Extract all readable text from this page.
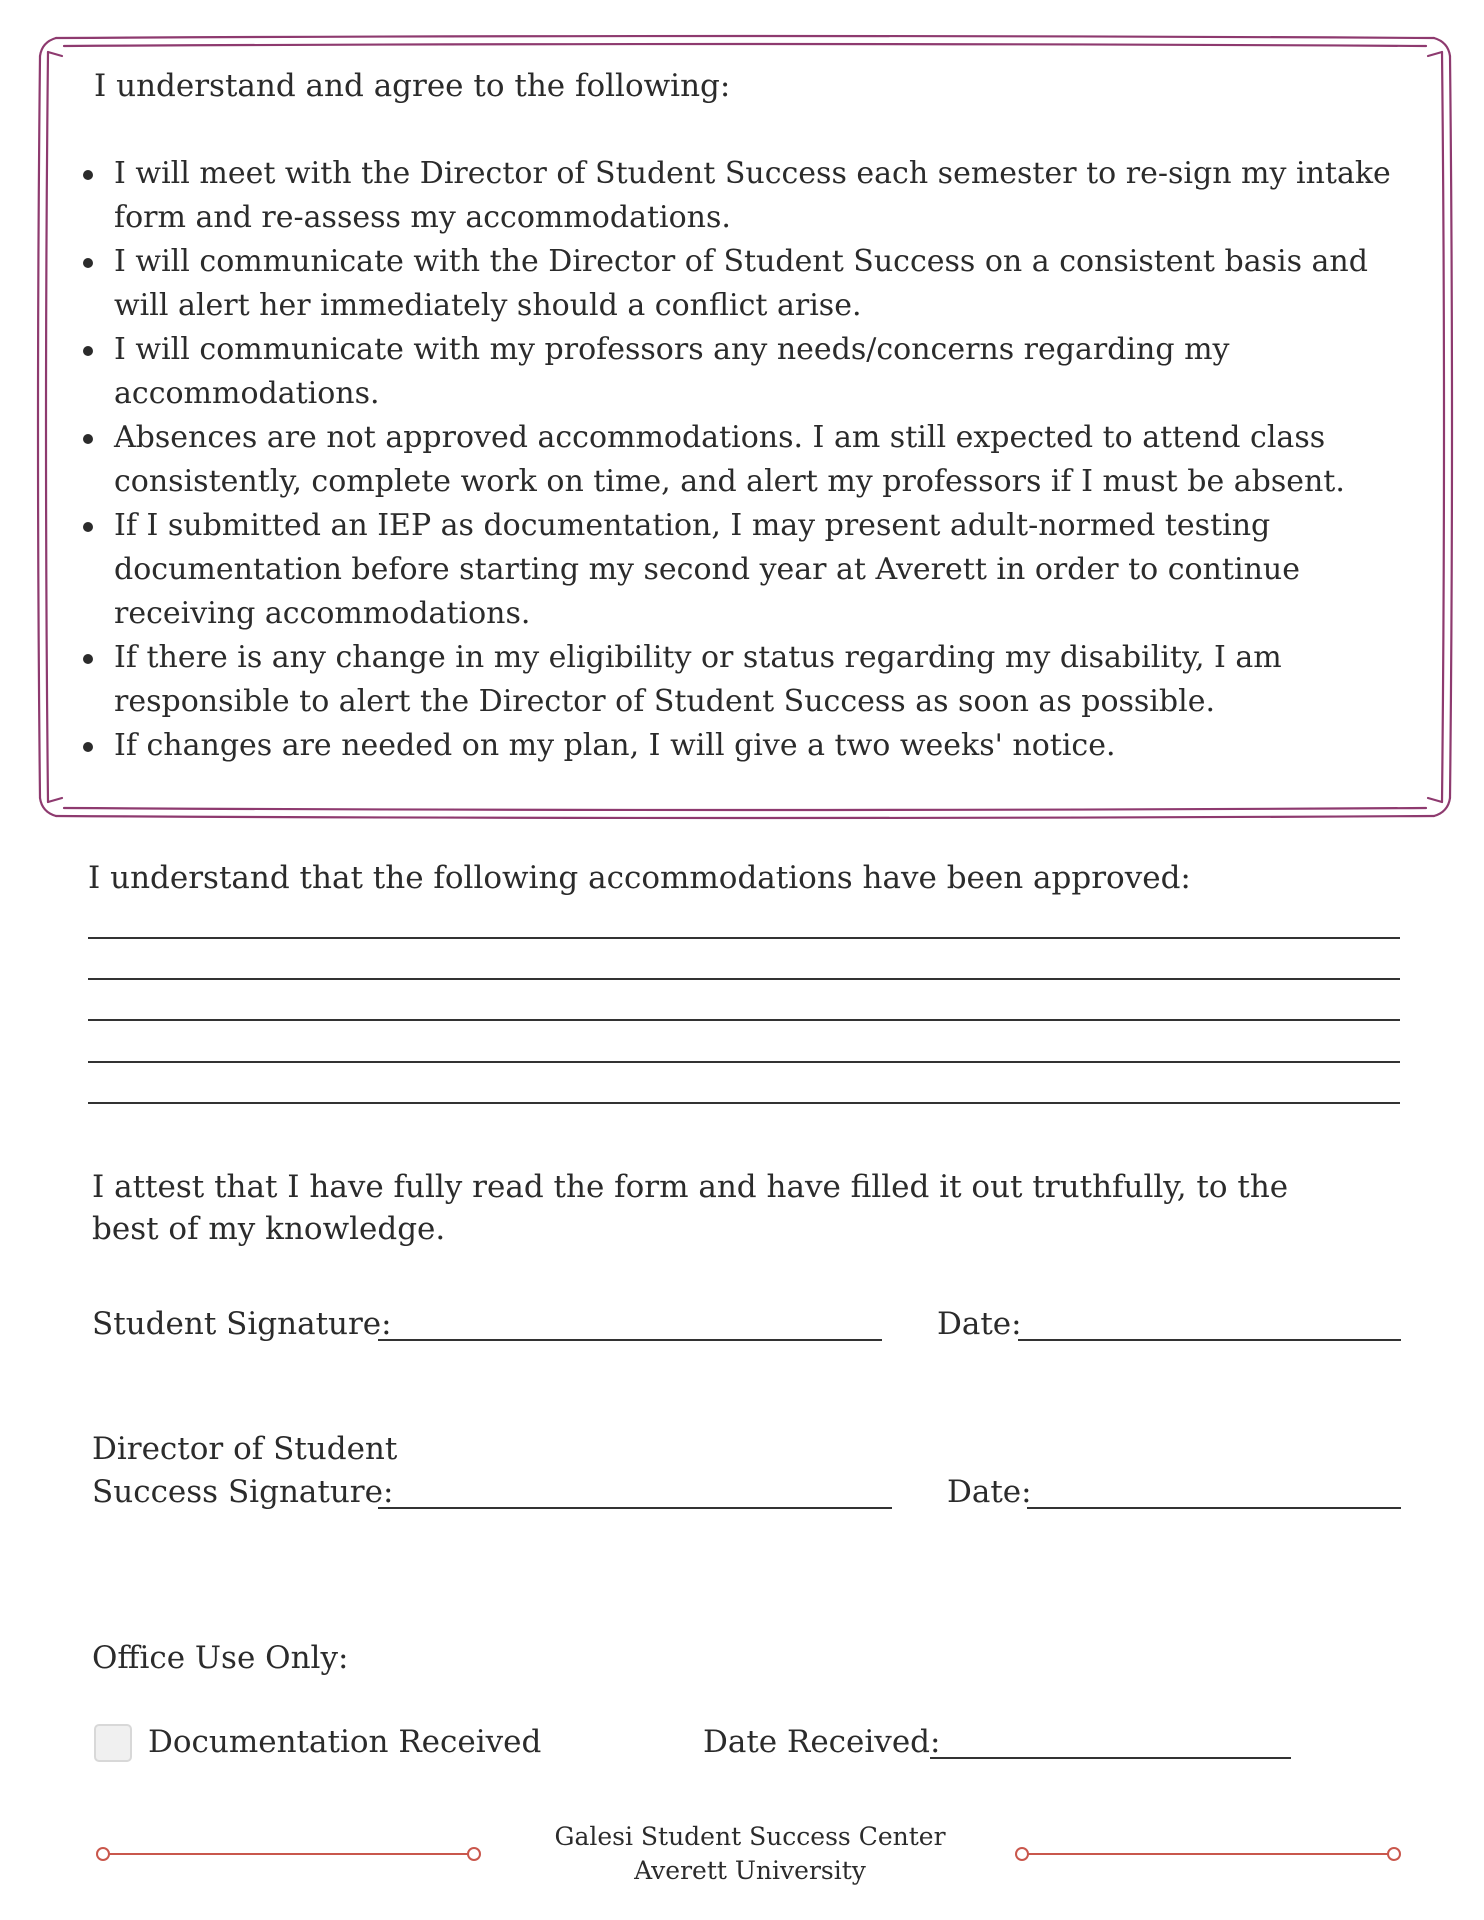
I understand and agree to the following:
I will meet with the Director of Student Success each semester to re-sign my intake form and re-assess my accommodations.
I will communicate with the Director of Student Success on a consistent basis and will alert her immediately should a conflict arise.
I will communicate with my professors any needs/concerns regarding my accommodations.
Absences are not approved accommodations. I am still expected to attend class consistently, complete work on time, and alert my professors if I must be absent.
If I submitted an IEP as documentation, I may present adult-normed testing documentation before starting my second year at Averett in order to continue receiving accommodations.
If there is any change in my eligibility or status regarding my disability, I am responsible to alert the Director of Student Success as soon as possible.
If changes are needed on my plan, I will give a two weeks' notice.
I understand that the following accommodations have been approved:
I attest that I have fully read the form and have filled it out truthfully, to the best of my knowledge.
Student Signature:	Date:
Director of Student
Success Signature:	Date:
Office Use Only:
Documentation Received	Date Received:
Galesi Student Success Center
Averett University
